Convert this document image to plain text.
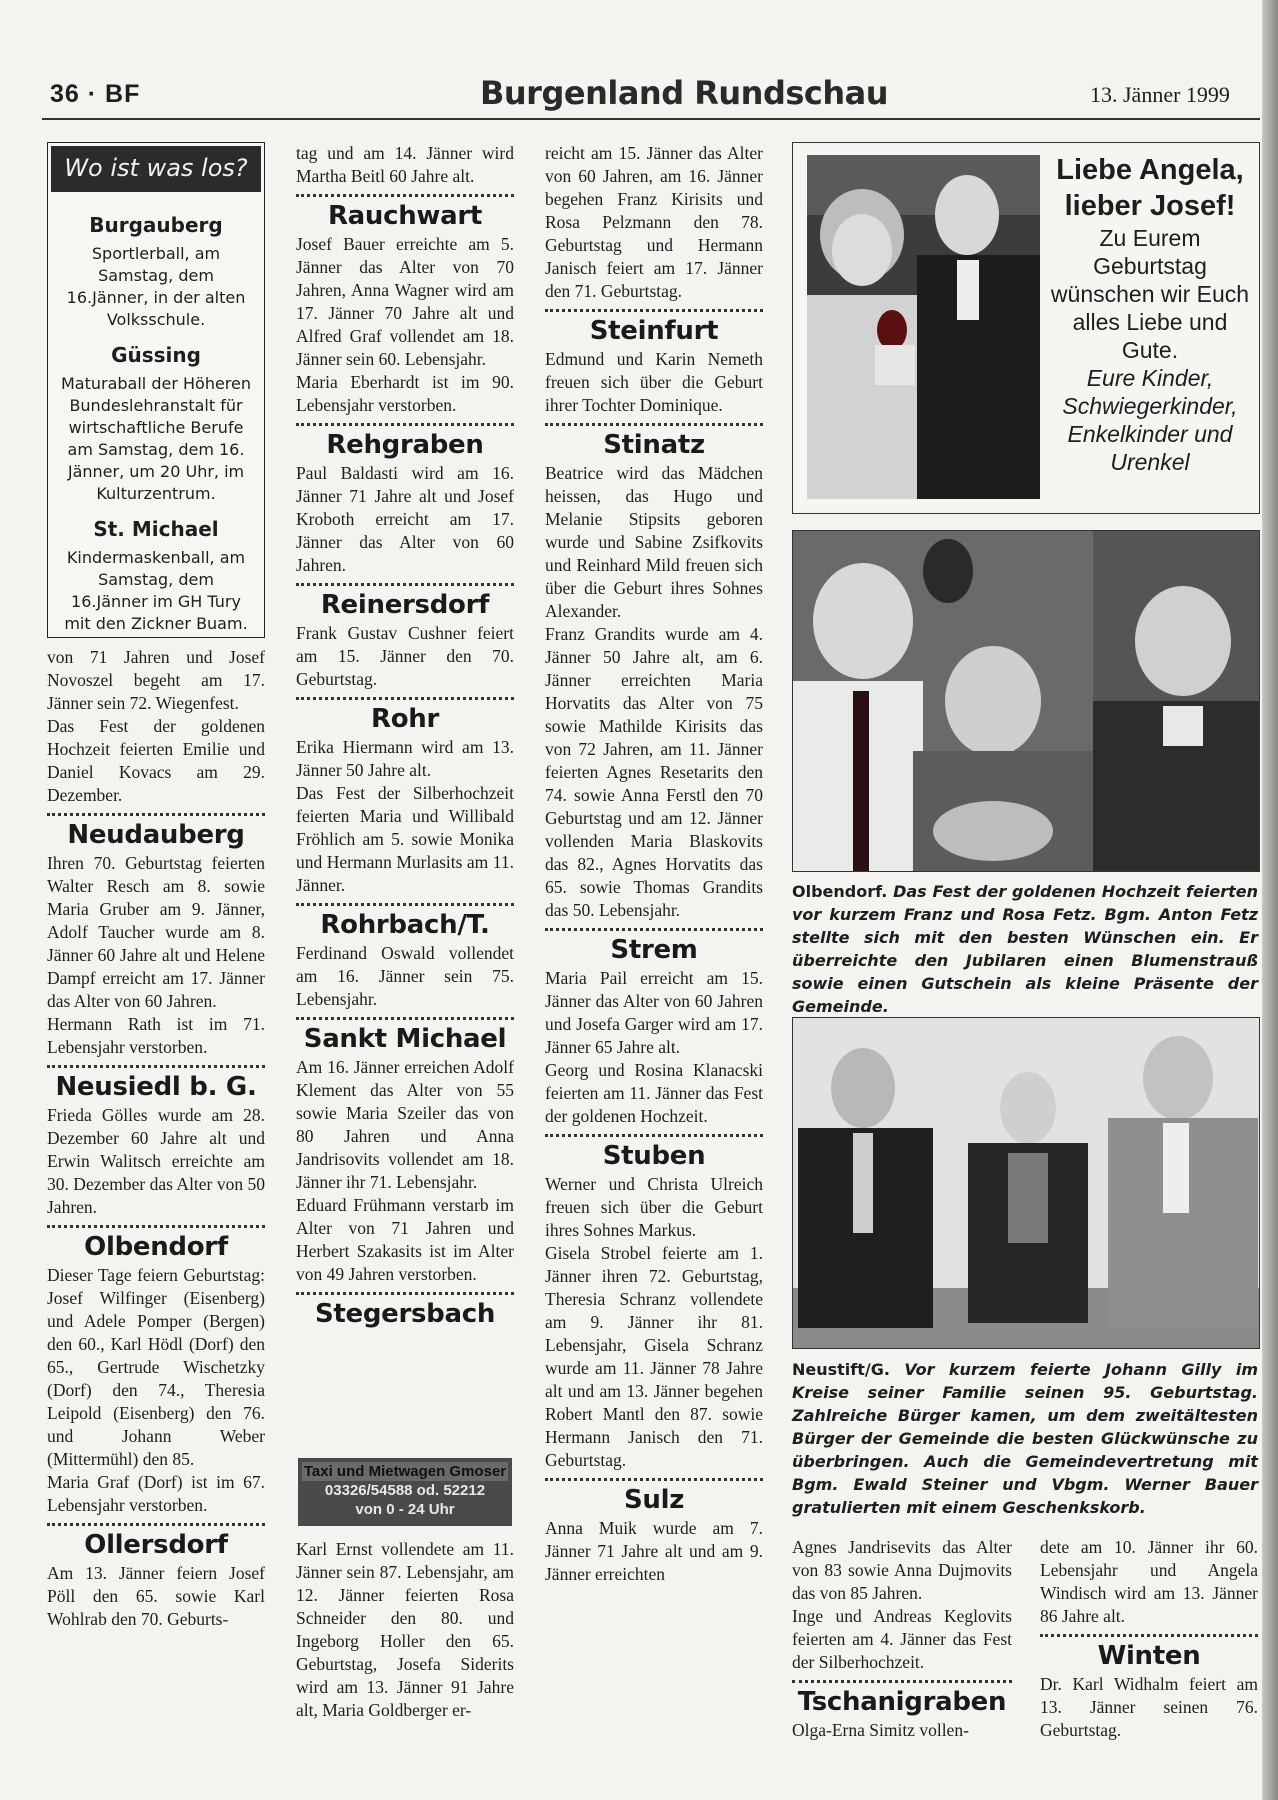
36 · BF	Burgenland Rundschau	13. Jänner 1999
Wo ist was los?
Burgauberg
Sportlerball, am Samstag, dem 16.Jänner, in der alten Volksschule.
Güssing
Maturaball der Höheren Bundeslehranstalt für wirtschaftliche Berufe am Samstag, dem 16. Jänner, um 20 Uhr, im Kulturzentrum.
St. Michael
Kindermaskenball, am Samstag, dem 16.Jänner im GH Tury mit den Zickner Buam.

von 71 Jahren und Josef Novoszel begeht am 17. Jänner sein 72. Wiegenfest.

Das Fest der goldenen Hochzeit feierten Emilie und Daniel Kovacs am 29. Dezember.

Neudauberg

Ihren 70. Geburtstag feierten Walter Resch am 8. sowie Maria Gruber am 9. Jänner, Adolf Taucher wurde am 8. Jänner 60 Jahre alt und Helene Dampf erreicht am 17. Jänner das Alter von 60 Jahren.

Hermann Rath ist im 71. Lebensjahr verstorben.

Neusiedl b. G.

Frieda Gölles wurde am 28. Dezember 60 Jahre alt und Erwin Walitsch erreichte am 30. Dezember das Alter von 50 Jahren.

Olbendorf

Dieser Tage feiern Geburtstag: Josef Wilfinger (Eisenberg) und Adele Pomper (Bergen) den 60., Karl Hödl (Dorf) den 65., Gertrude Wischetzky (Dorf) den 74., Theresia Leipold (Eisenberg) den 76. und Johann Weber (Mittermühl) den 85.

Maria Graf (Dorf) ist im 67. Lebensjahr verstorben.

Ollersdorf

Am 13. Jänner feiern Josef Pöll den 65. sowie Karl Wohlrab den 70. Geburts-

tag und am 14. Jänner wird Martha Beitl 60 Jahre alt.

Rauchwart

Josef Bauer erreichte am 5. Jänner das Alter von 70 Jahren, Anna Wagner wird am 17. Jänner 70 Jahre alt und Alfred Graf vollendet am 18. Jänner sein 60. Lebensjahr.

Maria Eberhardt ist im 90. Lebensjahr verstorben.

Rehgraben

Paul Baldasti wird am 16. Jänner 71 Jahre alt und Josef Kroboth erreicht am 17. Jänner das Alter von 60 Jahren.

Reinersdorf

Frank Gustav Cushner feiert am 15. Jänner den 70. Geburtstag.

Rohr

Erika Hiermann wird am 13. Jänner 50 Jahre alt.

Das Fest der Silberhochzeit feierten Maria und Willibald Fröhlich am 5. sowie Monika und Hermann Murlasits am 11. Jänner.

Rohrbach/T.

Ferdinand Oswald vollendet am 16. Jänner sein 75. Lebensjahr.

Sankt Michael

Am 16. Jänner erreichen Adolf Klement das Alter von 55 sowie Maria Szeiler das von 80 Jahren und Anna Jandrisovits vollendet am 18. Jänner ihr 71. Lebensjahr.

Eduard Frühmann verstarb im Alter von 71 Jahren und Herbert Szakasits ist im Alter von 49 Jahren verstorben.

Stegersbach
Taxi und Mietwagen Gmoser
03326/54588 od. 52212
von 0 - 24 Uhr

Karl Ernst vollendete am 11. Jänner sein 87. Lebensjahr, am 12. Jänner feierten Rosa Schneider den 80. und Ingeborg Holler den 65. Geburtstag, Josefa Siderits wird am 13. Jänner 91 Jahre alt, Maria Goldberger er-

reicht am 15. Jänner das Alter von 60 Jahren, am 16. Jänner begehen Franz Kirisits und Rosa Pelzmann den 78. Geburtstag und Hermann Janisch feiert am 17. Jänner den 71. Geburtstag.

Steinfurt

Edmund und Karin Nemeth freuen sich über die Geburt ihrer Tochter Dominique.

Stinatz

Beatrice wird das Mädchen heissen, das Hugo und Melanie Stipsits geboren wurde und Sabine Zsifkovits und Reinhard Mild freuen sich über die Geburt ihres Sohnes Alexander.

Franz Grandits wurde am 4. Jänner 50 Jahre alt, am 6. Jänner erreichten Maria Horvatits das Alter von 75 sowie Mathilde Kirisits das von 72 Jahren, am 11. Jänner feierten Agnes Resetarits den 74. sowie Anna Ferstl den 70 Geburtstag und am 12. Jänner vollenden Maria Blaskovits das 82., Agnes Horvatits das 65. sowie Thomas Grandits das 50. Lebensjahr.

Strem

Maria Pail erreicht am 15. Jänner das Alter von 60 Jahren und Josefa Garger wird am 17. Jänner 65 Jahre alt.

Georg und Rosina Klanacski feierten am 11. Jänner das Fest der goldenen Hochzeit.

Stuben

Werner und Christa Ulreich freuen sich über die Geburt ihres Sohnes Markus.

Gisela Strobel feierte am 1. Jänner ihren 72. Geburtstag, Theresia Schranz vollendete am 9. Jänner ihr 81. Lebensjahr, Gisela Schranz wurde am 11. Jänner 78 Jahre alt und am 13. Jänner begehen Robert Mantl den 87. sowie Hermann Janisch den 71. Geburtstag.

Sulz

Anna Muik wurde am 7. Jänner 71 Jahre alt und am 9. Jänner erreichten

Liebe Angela,
lieber Josef!
Zu Eurem Geburtstag wünschen wir Euch alles Liebe und Gute.
Eure Kinder, Schwiegerkinder, Enkelkinder und Urenkel
Olbendorf. Das Fest der goldenen Hochzeit feierten vor kurzem Franz und Rosa Fetz. Bgm. Anton Fetz stellte sich mit den besten Wünschen ein. Er überreichte den Jubilaren einen Blumenstrauß sowie einen Gutschein als kleine Präsente der Gemeinde.
Neustift/G. Vor kurzem feierte Johann Gilly im Kreise seiner Familie seinen 95. Geburtstag. Zahlreiche Bürger kamen, um dem zweitältesten Bürger der Gemeinde die besten Glückwünsche zu überbringen. Auch die Gemeindevertretung mit Bgm. Ewald Steiner und Vbgm. Werner Bauer gratulierten mit einem Geschenkskorb.

Agnes Jandrisevits das Alter von 83 sowie Anna Dujmovits das von 85 Jahren.

Inge und Andreas Keglovits feierten am 4. Jänner das Fest der Silberhochzeit.

Tschanigraben

Olga-Erna Simitz vollen-

dete am 10. Jänner ihr 60. Lebensjahr und Angela Windisch wird am 13. Jänner 86 Jahre alt.

Winten

Dr. Karl Widhalm feiert am 13. Jänner seinen 76. Geburtstag.
